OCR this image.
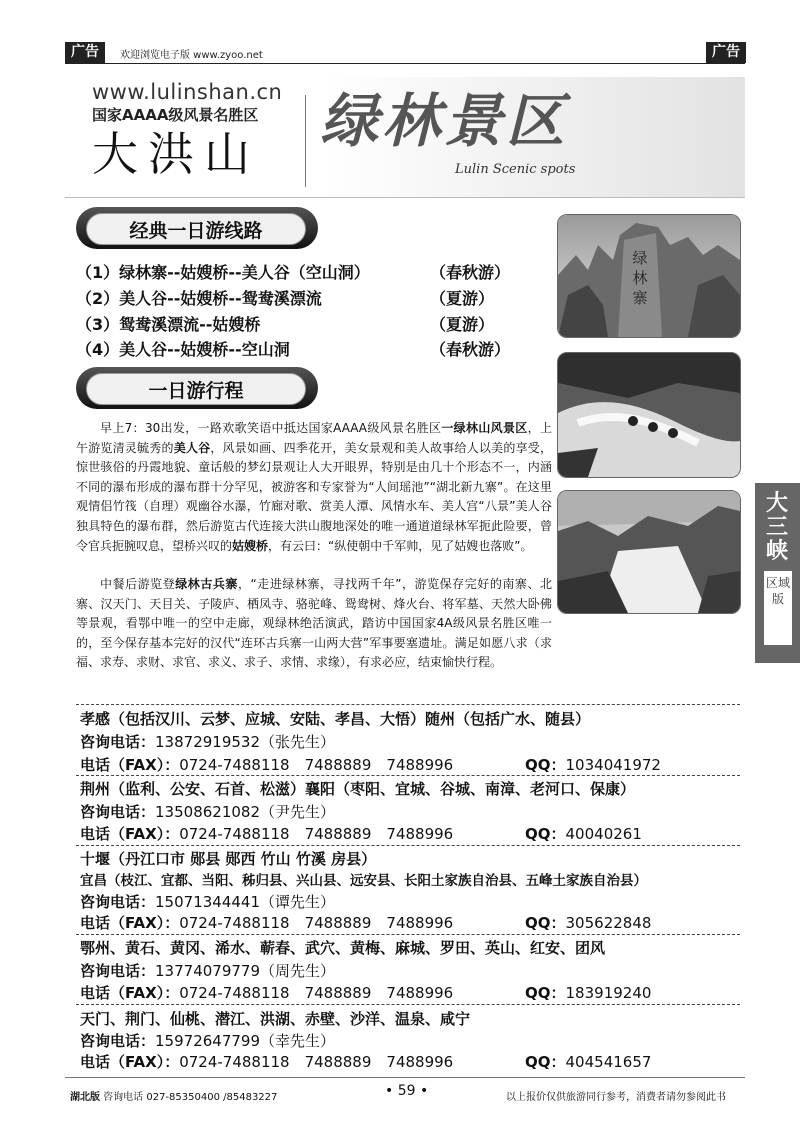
广告	欢迎浏览电子版 www.zyoo.net	广告
www.lulinshan.cn
国家AAAA级风景名胜区
大洪山 绿林景区
Lulin Scenic spots
经典一日游线路
（1）绿林寨--姑嫂桥--美人谷（空山洞）	（春秋游）
（2）美人谷--姑嫂桥--鸳鸯溪漂流	（夏游）
（3）鸳鸯溪漂流--姑嫂桥	（夏游）
（4）美人谷--姑嫂桥--空山洞	（春秋游）
一日游行程
绿
林
寨
早上7：30出发，一路欢歌笑语中抵达国家AAAA级风景名胜区一绿林山风景区，上午游览清灵毓秀的美人谷，风景如画、四季花开，美女景观和美人故事给人以美的享受，惊世骇俗的丹霞地貌、童话般的梦幻景观让人大开眼界，特别是由几十个形态不一，内涵不同的瀑布形成的瀑布群十分罕见，被游客和专家誉为“人间瑶池”“湖北新九寨”。在这里观情侣竹筏（自理）观幽谷水瀑，竹廊对歌、赏美人潭、风情水车、美人宫“八景”美人谷独具特色的瀑布群，然后游览古代连接大洪山腹地深处的唯一通道道绿林军扼此险要，曾令官兵扼腕叹息，望桥兴叹的姑嫂桥，有云曰：“纵使朝中千军帅，见了姑嫂也落败”。
中餐后游览登绿林古兵寨，“走进绿林寨，寻找两千年”，游览保存完好的南寨、北寨、汉天门、天目关、子陵庐、栖凤寺、骆驼峰、鸳鸯树、烽火台、将军墓、天然大卧佛等景观，看鄂中唯一的空中走廊，观绿林绝活演武，踏访中国国家4A级风景名胜区唯一的，至今保存基本完好的汉代“连环古兵寨一山两大营”军事要塞遗址。满足如愿八求（求福、求寿、求财、求官、求义、求子、求情、求缘），有求必应，结束愉快行程。
大三峡
区域版
孝感（包括汉川、云梦、应城、安陆、孝昌、大悟）随州（包括广水、随县）
咨询电话：13872919532（张先生）
电话（FAX）：0724-7488118　7488889　7488996	QQ：1034041972
荆州（监利、公安、石首、松滋）襄阳（枣阳、宜城、谷城、南漳、老河口、保康）
咨询电话：13508621082（尹先生）
电话（FAX）：0724-7488118　7488889　7488996	QQ：40040261
十堰（丹江口市 郧县 郧西 竹山 竹溪 房县）
宜昌（枝江、宜都、当阳、秭归县、兴山县、远安县、长阳土家族自治县、五峰土家族自治县）
咨询电话：15071344441（谭先生）
电话（FAX）：0724-7488118　7488889　7488996	QQ：305622848
鄂州、黄石、黄冈、浠水、蕲春、武穴、黄梅、麻城、罗田、英山、红安、团风
咨询电话：13774079779（周先生）
电话（FAX）：0724-7488118　7488889　7488996	QQ：183919240
天门、荆门、仙桃、潜江、洪湖、赤壁、沙洋、温泉、咸宁
咨询电话：15972647799（幸先生）
电话（FAX）：0724-7488118　7488889　7488996	QQ：404541657
湖北版 咨询电话 027-85350400 /85483227	• 59 •	以上报价仅供旅游同行参考，消费者请勿参阅此书
